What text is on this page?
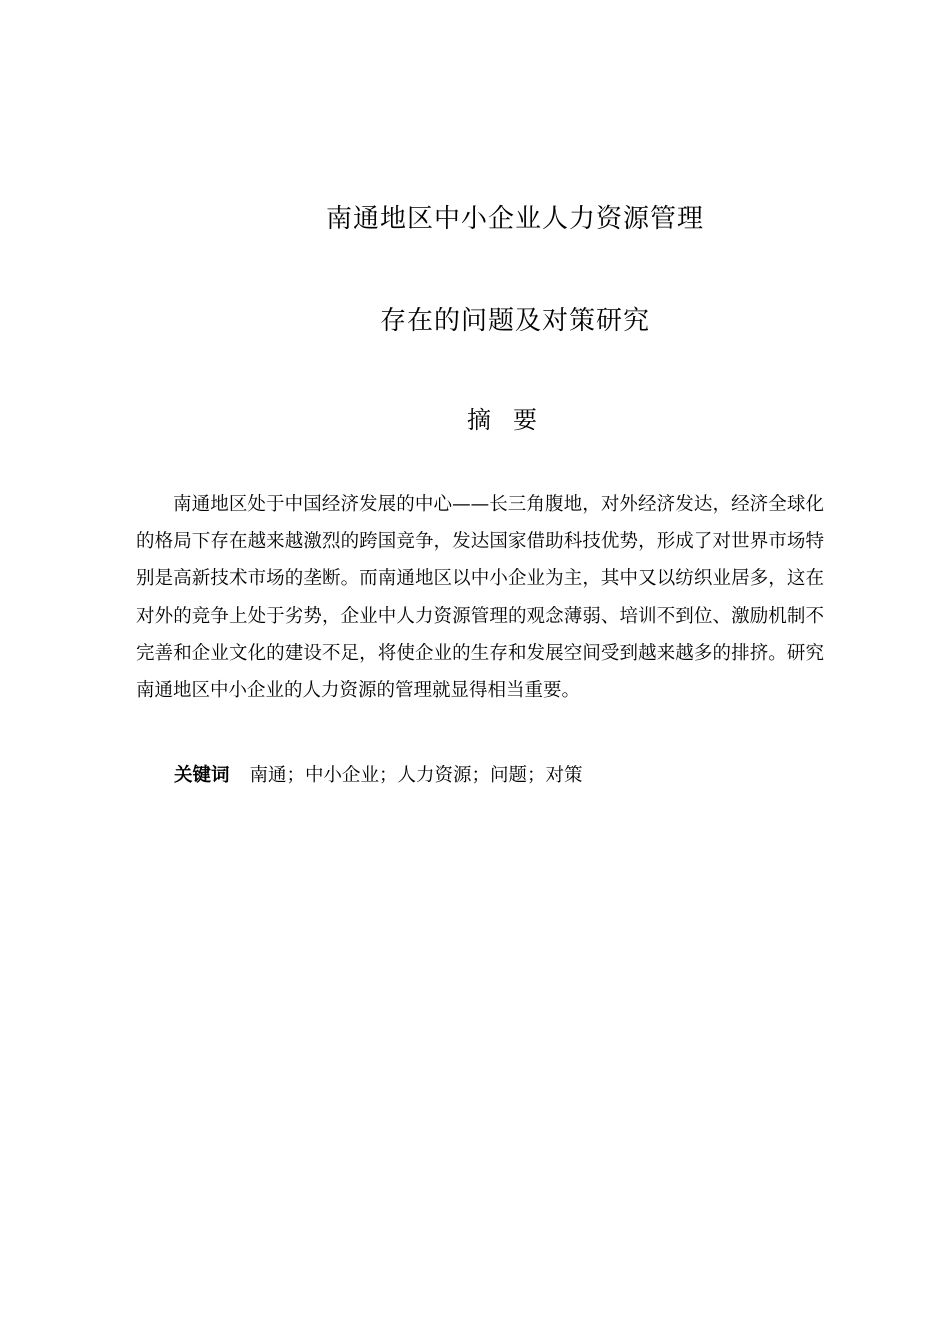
南通地区中小企业人力资源管理
存在的问题及对策研究
摘要

南通地区处于中国经济发展的中心——长三角腹地，对外经济发达，经济全球化的格局下存在越来越激烈的跨国竞争，发达国家借助科技优势，形成了对世界市场特别是高新技术市场的垄断。而南通地区以中小企业为主，其中又以纺织业居多，这在对外的竞争上处于劣势，企业中人力资源管理的观念薄弱、培训不到位、激励机制不完善和企业文化的建设不足，将使企业的生存和发展空间受到越来越多的排挤。研究南通地区中小企业的人力资源的管理就显得相当重要。

关键词 南通；中小企业；人力资源；问题；对策
